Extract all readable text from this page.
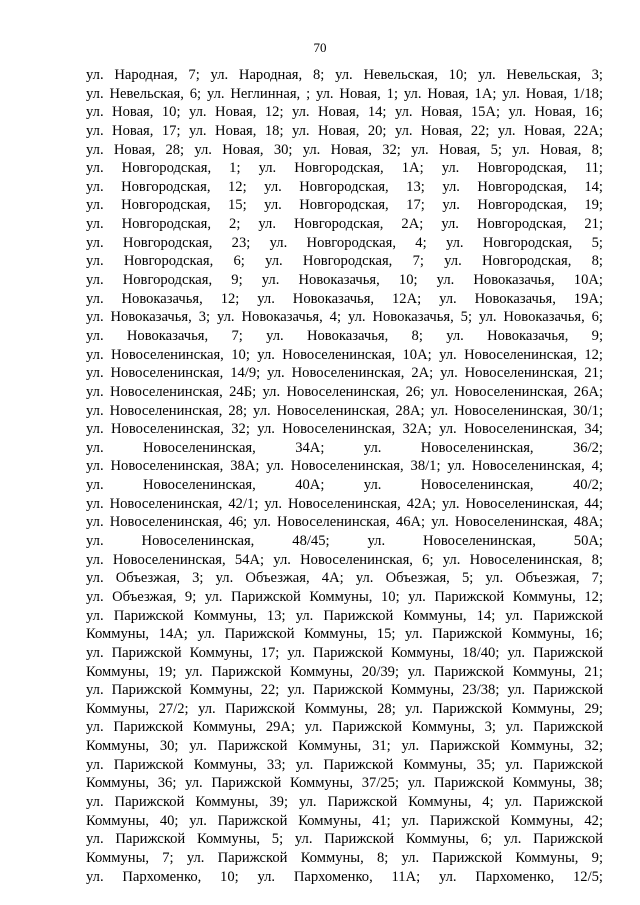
70
ул. Народная, 7; ул. Народная, 8; ул. Невельская, 10; ул. Невельская, 3;
ул. Невельская, 6; ул. Неглинная, ; ул. Новая, 1; ул. Новая, 1А; ул. Новая, 1/18;
ул. Новая, 10; ул. Новая, 12; ул. Новая, 14; ул. Новая, 15А; ул. Новая, 16;
ул. Новая, 17; ул. Новая, 18; ул. Новая, 20; ул. Новая, 22; ул. Новая, 22А;
ул. Новая, 28; ул. Новая, 30; ул. Новая, 32; ул. Новая, 5; ул. Новая, 8;
ул. Новгородская, 1; ул. Новгородская, 1А; ул. Новгородская, 11;
ул. Новгородская, 12; ул. Новгородская, 13; ул. Новгородская, 14;
ул. Новгородская, 15; ул. Новгородская, 17; ул. Новгородская, 19;
ул. Новгородская, 2; ул. Новгородская, 2А; ул. Новгородская, 21;
ул. Новгородская, 23; ул. Новгородская, 4; ул. Новгородская, 5;
ул. Новгородская, 6; ул. Новгородская, 7; ул. Новгородская, 8;
ул. Новгородская, 9; ул. Новоказачья, 10; ул. Новоказачья, 10А;
ул. Новоказачья, 12; ул. Новоказачья, 12А; ул. Новоказачья, 19А;
ул. Новоказачья, 3; ул. Новоказачья, 4; ул. Новоказачья, 5; ул. Новоказачья, 6;
ул. Новоказачья, 7; ул. Новоказачья, 8; ул. Новоказачья, 9;
ул. Новоселенинская, 10; ул. Новоселенинская, 10А; ул. Новоселенинская, 12;
ул. Новоселенинская, 14/9; ул. Новоселенинская, 2А; ул. Новоселенинская, 21;
ул. Новоселенинская, 24Б; ул. Новоселенинская, 26; ул. Новоселенинская, 26А;
ул. Новоселенинская, 28; ул. Новоселенинская, 28А; ул. Новоселенинская, 30/1;
ул. Новоселенинская, 32; ул. Новоселенинская, 32А; ул. Новоселенинская, 34;
ул. Новоселенинская, 34А; ул. Новоселенинская, 36/2;
ул. Новоселенинская, 38А; ул. Новоселенинская, 38/1; ул. Новоселенинская, 4;
ул. Новоселенинская, 40А; ул. Новоселенинская, 40/2;
ул. Новоселенинская, 42/1; ул. Новоселенинская, 42А; ул. Новоселенинская, 44;
ул. Новоселенинская, 46; ул. Новоселенинская, 46А; ул. Новоселенинская, 48А;
ул. Новоселенинская, 48/45; ул. Новоселенинская, 50А;
ул. Новоселенинская, 54А; ул. Новоселенинская, 6; ул. Новоселенинская, 8;
ул. Объезжая, 3; ул. Объезжая, 4А; ул. Объезжая, 5; ул. Объезжая, 7;
ул. Объезжая, 9; ул. Парижской Коммуны, 10; ул. Парижской Коммуны, 12;
ул. Парижской Коммуны, 13; ул. Парижской Коммуны, 14; ул. Парижской
Коммуны, 14А; ул. Парижской Коммуны, 15; ул. Парижской Коммуны, 16;
ул. Парижской Коммуны, 17; ул. Парижской Коммуны, 18/40; ул. Парижской
Коммуны, 19; ул. Парижской Коммуны, 20/39; ул. Парижской Коммуны, 21;
ул. Парижской Коммуны, 22; ул. Парижской Коммуны, 23/38; ул. Парижской
Коммуны, 27/2; ул. Парижской Коммуны, 28; ул. Парижской Коммуны, 29;
ул. Парижской Коммуны, 29А; ул. Парижской Коммуны, 3; ул. Парижской
Коммуны, 30; ул. Парижской Коммуны, 31; ул. Парижской Коммуны, 32;
ул. Парижской Коммуны, 33; ул. Парижской Коммуны, 35; ул. Парижской
Коммуны, 36; ул. Парижской Коммуны, 37/25; ул. Парижской Коммуны, 38;
ул. Парижской Коммуны, 39; ул. Парижской Коммуны, 4; ул. Парижской
Коммуны, 40; ул. Парижской Коммуны, 41; ул. Парижской Коммуны, 42;
ул. Парижской Коммуны, 5; ул. Парижской Коммуны, 6; ул. Парижской
Коммуны, 7; ул. Парижской Коммуны, 8; ул. Парижской Коммуны, 9;
ул. Пархоменко, 10; ул. Пархоменко, 11А; ул. Пархоменко, 12/5;
